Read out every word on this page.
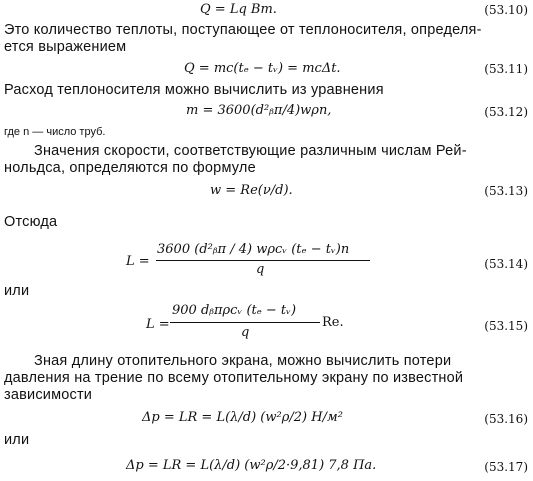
Q = Lq Вт.	(53.10)
Это количество теплоты, поступающее от теплоносителя, определя-
ется выражением
Q = mc(tₑ − tᵥ) = mcΔt.	(53.11)
Расход теплоносителя можно вычислить из уравнения
m = 3600(d²ᵦπ/4)wρn,	(53.12)
где n — число труб.
Значения скорости, соответствующие различным числам Рей-
нольдса, определяются по формуле
w = Re(ν/d).	(53.13)
Отсюда
L =
3600 (d²ᵦπ / 4) wρcᵥ (tₑ − tᵥ)n
q	(53.14)
или
L =
900 dᵦπρcᵥ (tₑ − tᵥ)
q
Re.	(53.15)
Зная длину отопительного экрана, можно вычислить потери
давления на трение по всему отопительному экрану по известной
зависимости
Δp = LR = L(λ/d) (w²ρ/2) Н/м²	(53.16)
или
Δp = LR = L(λ/d) (w²ρ/2·9,81) 7,8 Па.	(53.17)
